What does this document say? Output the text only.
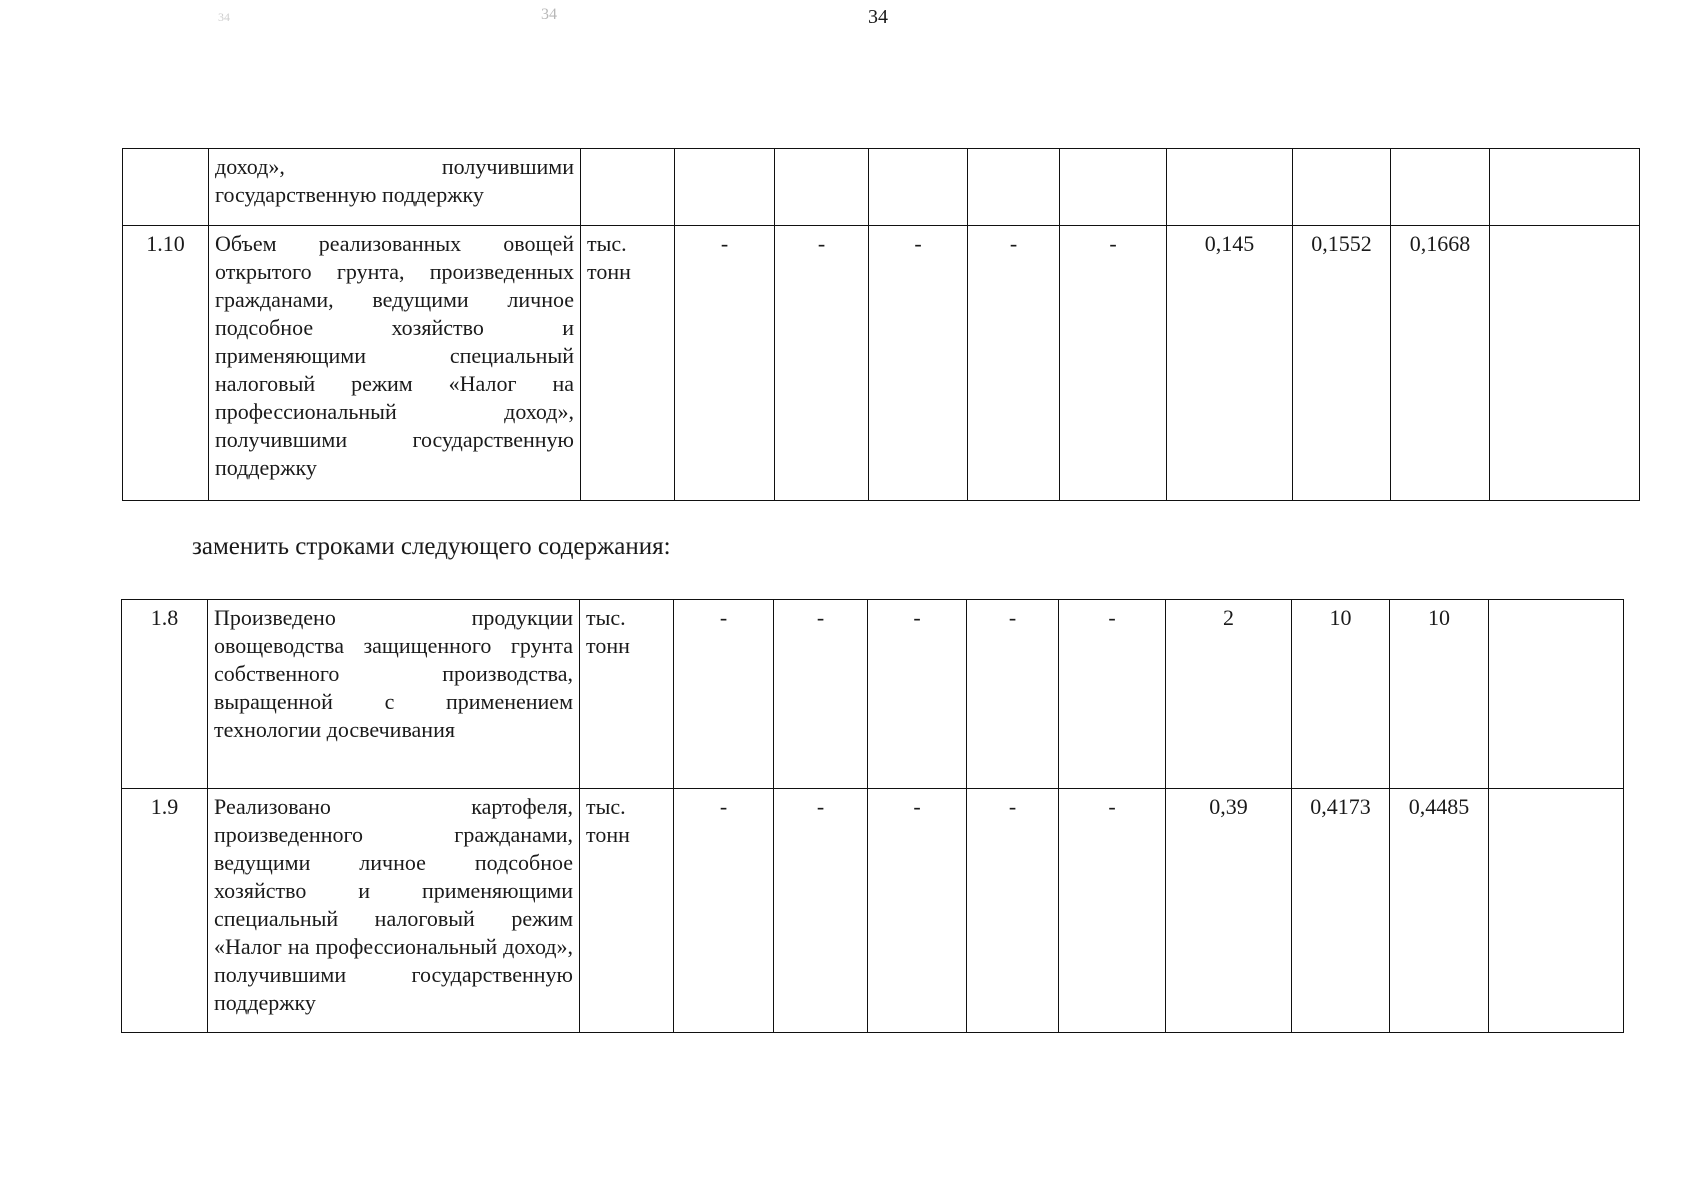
34	34	34
	доход», получившими государственную поддержку										
1.10	Объем реализованных овощей открытого грунта, произведенных гражданами, ведущими личное подсобное хозяйство и применяющими специальный налоговый режим «Налог на профессиональный доход», получившими государственную поддержку	тыс. тонн	-	-	-	-	-	0,145	0,1552	0,1668	
заменить строками следующего содержания:
1.8	Произведено продукции овощеводства защищенного грунта собственного производства, выращенной с применением технологии досвечивания	тыс. тонн	-	-	-	-	-	2	10	10	
1.9	Реализовано картофеля, произведенного гражданами, ведущими личное подсобное хозяйство и применяющими специальный налоговый режим «Налог на профессиональный доход», получившими государственную поддержку	тыс. тонн	-	-	-	-	-	0,39	0,4173	0,4485	
